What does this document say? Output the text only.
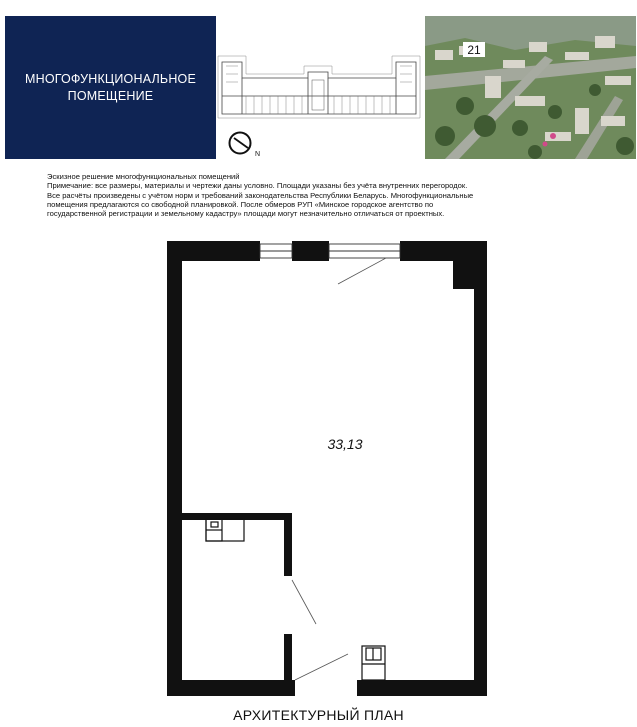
МНОГОФУНКЦИОНАЛЬНОЕ
ПОМЕЩЕНИЕ
N
21
Эскизное решение многофункциональных помещений
Примечание: все размеры, материалы и чертежи даны условно. Площади указаны без учёта внутренних перегородок.
Все расчёты произведены с учётом норм и требований законодательства Республики Беларусь. Многофункциональные
помещения предлагаются со свободной планировкой. После обмеров РУП «Минское городское агентство по
государственной регистрации и земельному кадастру» площади могут незначительно отличаться от проектных.
33,13
АРХИТЕКТУРНЫЙ ПЛАН
